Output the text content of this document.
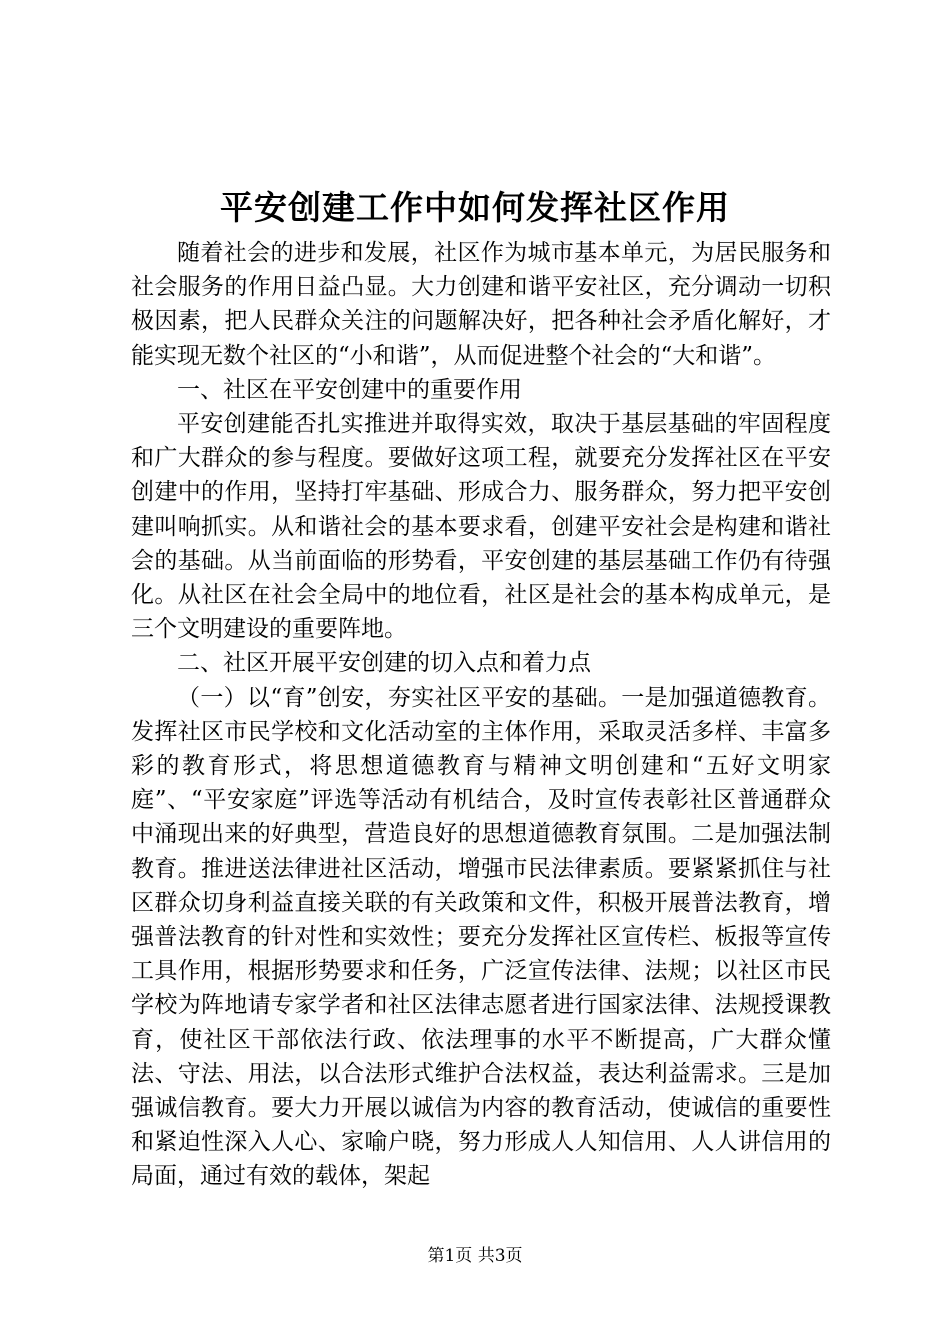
平安创建工作中如何发挥社区作用

随着社会的进步和发展，社区作为城市基本单元，为居民服务和社会服务的作用日益凸显。大力创建和谐平安社区，充分调动一切积极因素，把人民群众关注的问题解决好，把各种社会矛盾化解好，才能实现无数个社区的“小和谐”，从而促进整个社会的“大和谐”。

一、社区在平安创建中的重要作用

平安创建能否扎实推进并取得实效，取决于基层基础的牢固程度和广大群众的参与程度。要做好这项工程，就要充分发挥社区在平安创建中的作用，坚持打牢基础、形成合力、服务群众，努力把平安创建叫响抓实。从和谐社会的基本要求看，创建平安社会是构建和谐社会的基础。从当前面临的形势看，平安创建的基层基础工作仍有待强化。从社区在社会全局中的地位看，社区是社会的基本构成单元，是三个文明建设的重要阵地。

二、社区开展平安创建的切入点和着力点

（一）以“育”创安，夯实社区平安的基础。一是加强道德教育。发挥社区市民学校和文化活动室的主体作用，采取灵活多样、丰富多彩的教育形式，将思想道德教育与精神文明创建和“五好文明家庭”、“平安家庭”评选等活动有机结合，及时宣传表彰社区普通群众中涌现出来的好典型，营造良好的思想道德教育氛围。二是加强法制教育。推进送法律进社区活动，增强市民法律素质。要紧紧抓住与社区群众切身利益直接关联的有关政策和文件，积极开展普法教育，增强普法教育的针对性和实效性；要充分发挥社区宣传栏、板报等宣传工具作用，根据形势要求和任务，广泛宣传法律、法规；以社区市民学校为阵地请专家学者和社区法律志愿者进行国家法律、法规授课教育，使社区干部依法行政、依法理事的水平不断提高，广大群众懂法、守法、用法，以合法形式维护合法权益，表达利益需求。三是加强诚信教育。要大力开展以诚信为内容的教育活动，使诚信的重要性和紧迫性深入人心、家喻户晓，努力形成人人知信用、人人讲信用的局面，通过有效的载体，架起

第1页 共3页
